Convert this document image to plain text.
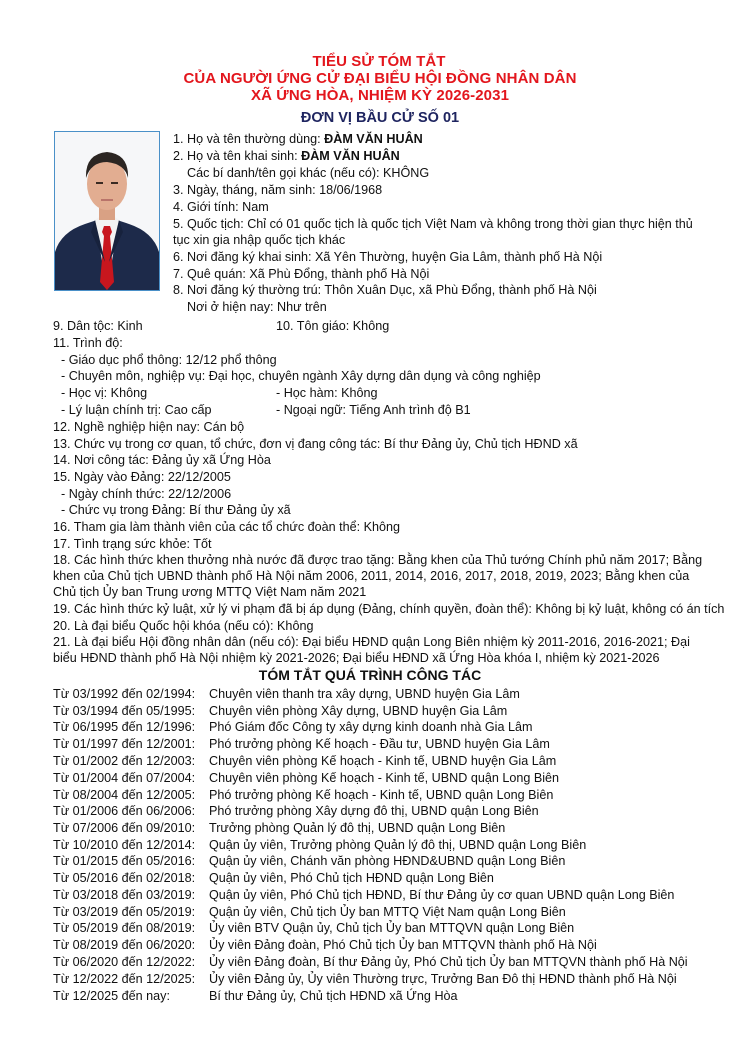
TIỂU SỬ TÓM TẮT
CỦA NGƯỜI ỨNG CỬ ĐẠI BIỂU HỘI ĐỒNG NHÂN DÂN
XÃ ỨNG HÒA, NHIỆM KỲ 2026-2031
ĐƠN VỊ BẦU CỬ SỐ 01
1. Họ và tên thường dùng: ĐÀM VĂN HUÂN
2. Họ và tên khai sinh: ĐÀM VĂN HUÂN
Các bí danh/tên gọi khác (nếu có): KHÔNG
3. Ngày, tháng, năm sinh: 18/06/1968
4. Giới tính: Nam
5. Quốc tịch: Chỉ có 01 quốc tịch là quốc tịch Việt Nam và không trong thời gian thực hiện thủ
tục xin gia nhập quốc tịch khác
6. Nơi đăng ký khai sinh: Xã Yên Thường, huyện Gia Lâm, thành phố Hà Nội
7. Quê quán: Xã Phù Đổng, thành phố Hà Nội
8. Nơi đăng ký thường trú: Thôn Xuân Dục, xã Phù Đổng, thành phố Hà Nội
Nơi ở hiện nay: Như trên
9. Dân tộc: Kinh	10. Tôn giáo: Không
11. Trình độ:
- Giáo dục phổ thông: 12/12 phổ thông
- Chuyên môn, nghiệp vụ: Đại học, chuyên ngành Xây dựng dân dụng và công nghiệp
- Học vị: Không	- Học hàm: Không
- Lý luận chính trị: Cao cấp	- Ngoại ngữ: Tiếng Anh trình độ B1
12. Nghề nghiệp hiện nay: Cán bộ
13. Chức vụ trong cơ quan, tổ chức, đơn vị đang công tác: Bí thư Đảng ủy, Chủ tịch HĐND xã
14. Nơi công tác: Đảng ủy xã Ứng Hòa
15. Ngày vào Đảng: 22/12/2005
- Ngày chính thức: 22/12/2006
- Chức vụ trong Đảng: Bí thư Đảng ủy xã
16. Tham gia làm thành viên của các tổ chức đoàn thể: Không
17. Tình trạng sức khỏe: Tốt
18. Các hình thức khen thưởng nhà nước đã được trao tặng: Bằng khen của Thủ tướng Chính phủ năm 2017; Bằng
khen của Chủ tịch UBND thành phố Hà Nội năm 2006, 2011, 2014, 2016, 2017, 2018, 2019, 2023; Bằng khen của
Chủ tịch Ủy ban Trung ương MTTQ Việt Nam năm 2021
19. Các hình thức kỷ luật, xử lý vi phạm đã bị áp dụng (Đảng, chính quyền, đoàn thể): Không bị kỷ luật, không có án tích
20. Là đại biểu Quốc hội khóa (nếu có): Không
21. Là đại biểu Hội đồng nhân dân (nếu có): Đại biểu HĐND quận Long Biên nhiệm kỳ 2011-2016, 2016-2021; Đại
biểu HĐND thành phố Hà Nội nhiệm kỳ 2021-2026; Đại biểu HĐND xã Ứng Hòa khóa I, nhiệm kỳ 2021-2026
TÓM TẮT QUÁ TRÌNH CÔNG TÁC
Từ 03/1992 đến 02/1994: Chuyên viên thanh tra xây dựng, UBND huyện Gia Lâm
Từ 03/1994 đến 05/1995: Chuyên viên phòng Xây dựng, UBND huyện Gia Lâm
Từ 06/1995 đến 12/1996: Phó Giám đốc Công ty xây dựng kinh doanh nhà Gia Lâm
Từ 01/1997 đến 12/2001: Phó trưởng phòng Kế hoạch - Đầu tư, UBND huyện Gia Lâm
Từ 01/2002 đến 12/2003: Chuyên viên phòng Kế hoạch - Kinh tế, UBND huyện Gia Lâm
Từ 01/2004 đến 07/2004: Chuyên viên phòng Kế hoạch - Kinh tế, UBND quận Long Biên
Từ 08/2004 đến 12/2005: Phó trưởng phòng Kế hoạch - Kinh tế, UBND quận Long Biên
Từ 01/2006 đến 06/2006: Phó trưởng phòng Xây dựng đô thị, UBND quận Long Biên
Từ 07/2006 đến 09/2010: Trưởng phòng Quản lý đô thị, UBND quận Long Biên
Từ 10/2010 đến 12/2014: Quận ủy viên, Trưởng phòng Quản lý đô thị, UBND quận Long Biên
Từ 01/2015 đến 05/2016: Quận ủy viên, Chánh văn phòng HĐND&UBND quận Long Biên
Từ 05/2016 đến 02/2018: Quận ủy viên, Phó Chủ tịch HĐND quận Long Biên
Từ 03/2018 đến 03/2019: Quận ủy viên, Phó Chủ tịch HĐND, Bí thư Đảng ủy cơ quan UBND quận Long Biên
Từ 03/2019 đến 05/2019: Quận ủy viên, Chủ tịch Ủy ban MTTQ Việt Nam quận Long Biên
Từ 05/2019 đến 08/2019: Ủy viên BTV Quận ủy, Chủ tịch Ủy ban MTTQVN quận Long Biên
Từ 08/2019 đến 06/2020: Ủy viên Đảng đoàn, Phó Chủ tịch Ủy ban MTTQVN thành phố Hà Nội
Từ 06/2020 đến 12/2022: Ủy viên Đảng đoàn, Bí thư Đảng ủy, Phó Chủ tịch Ủy ban MTTQVN thành phố Hà Nội
Từ 12/2022 đến 12/2025: Ủy viên Đảng ủy, Ủy viên Thường trực, Trưởng Ban Đô thị HĐND thành phố Hà Nội
Từ 12/2025 đến nay:	Bí thư Đảng ủy, Chủ tịch HĐND xã Ứng Hòa
